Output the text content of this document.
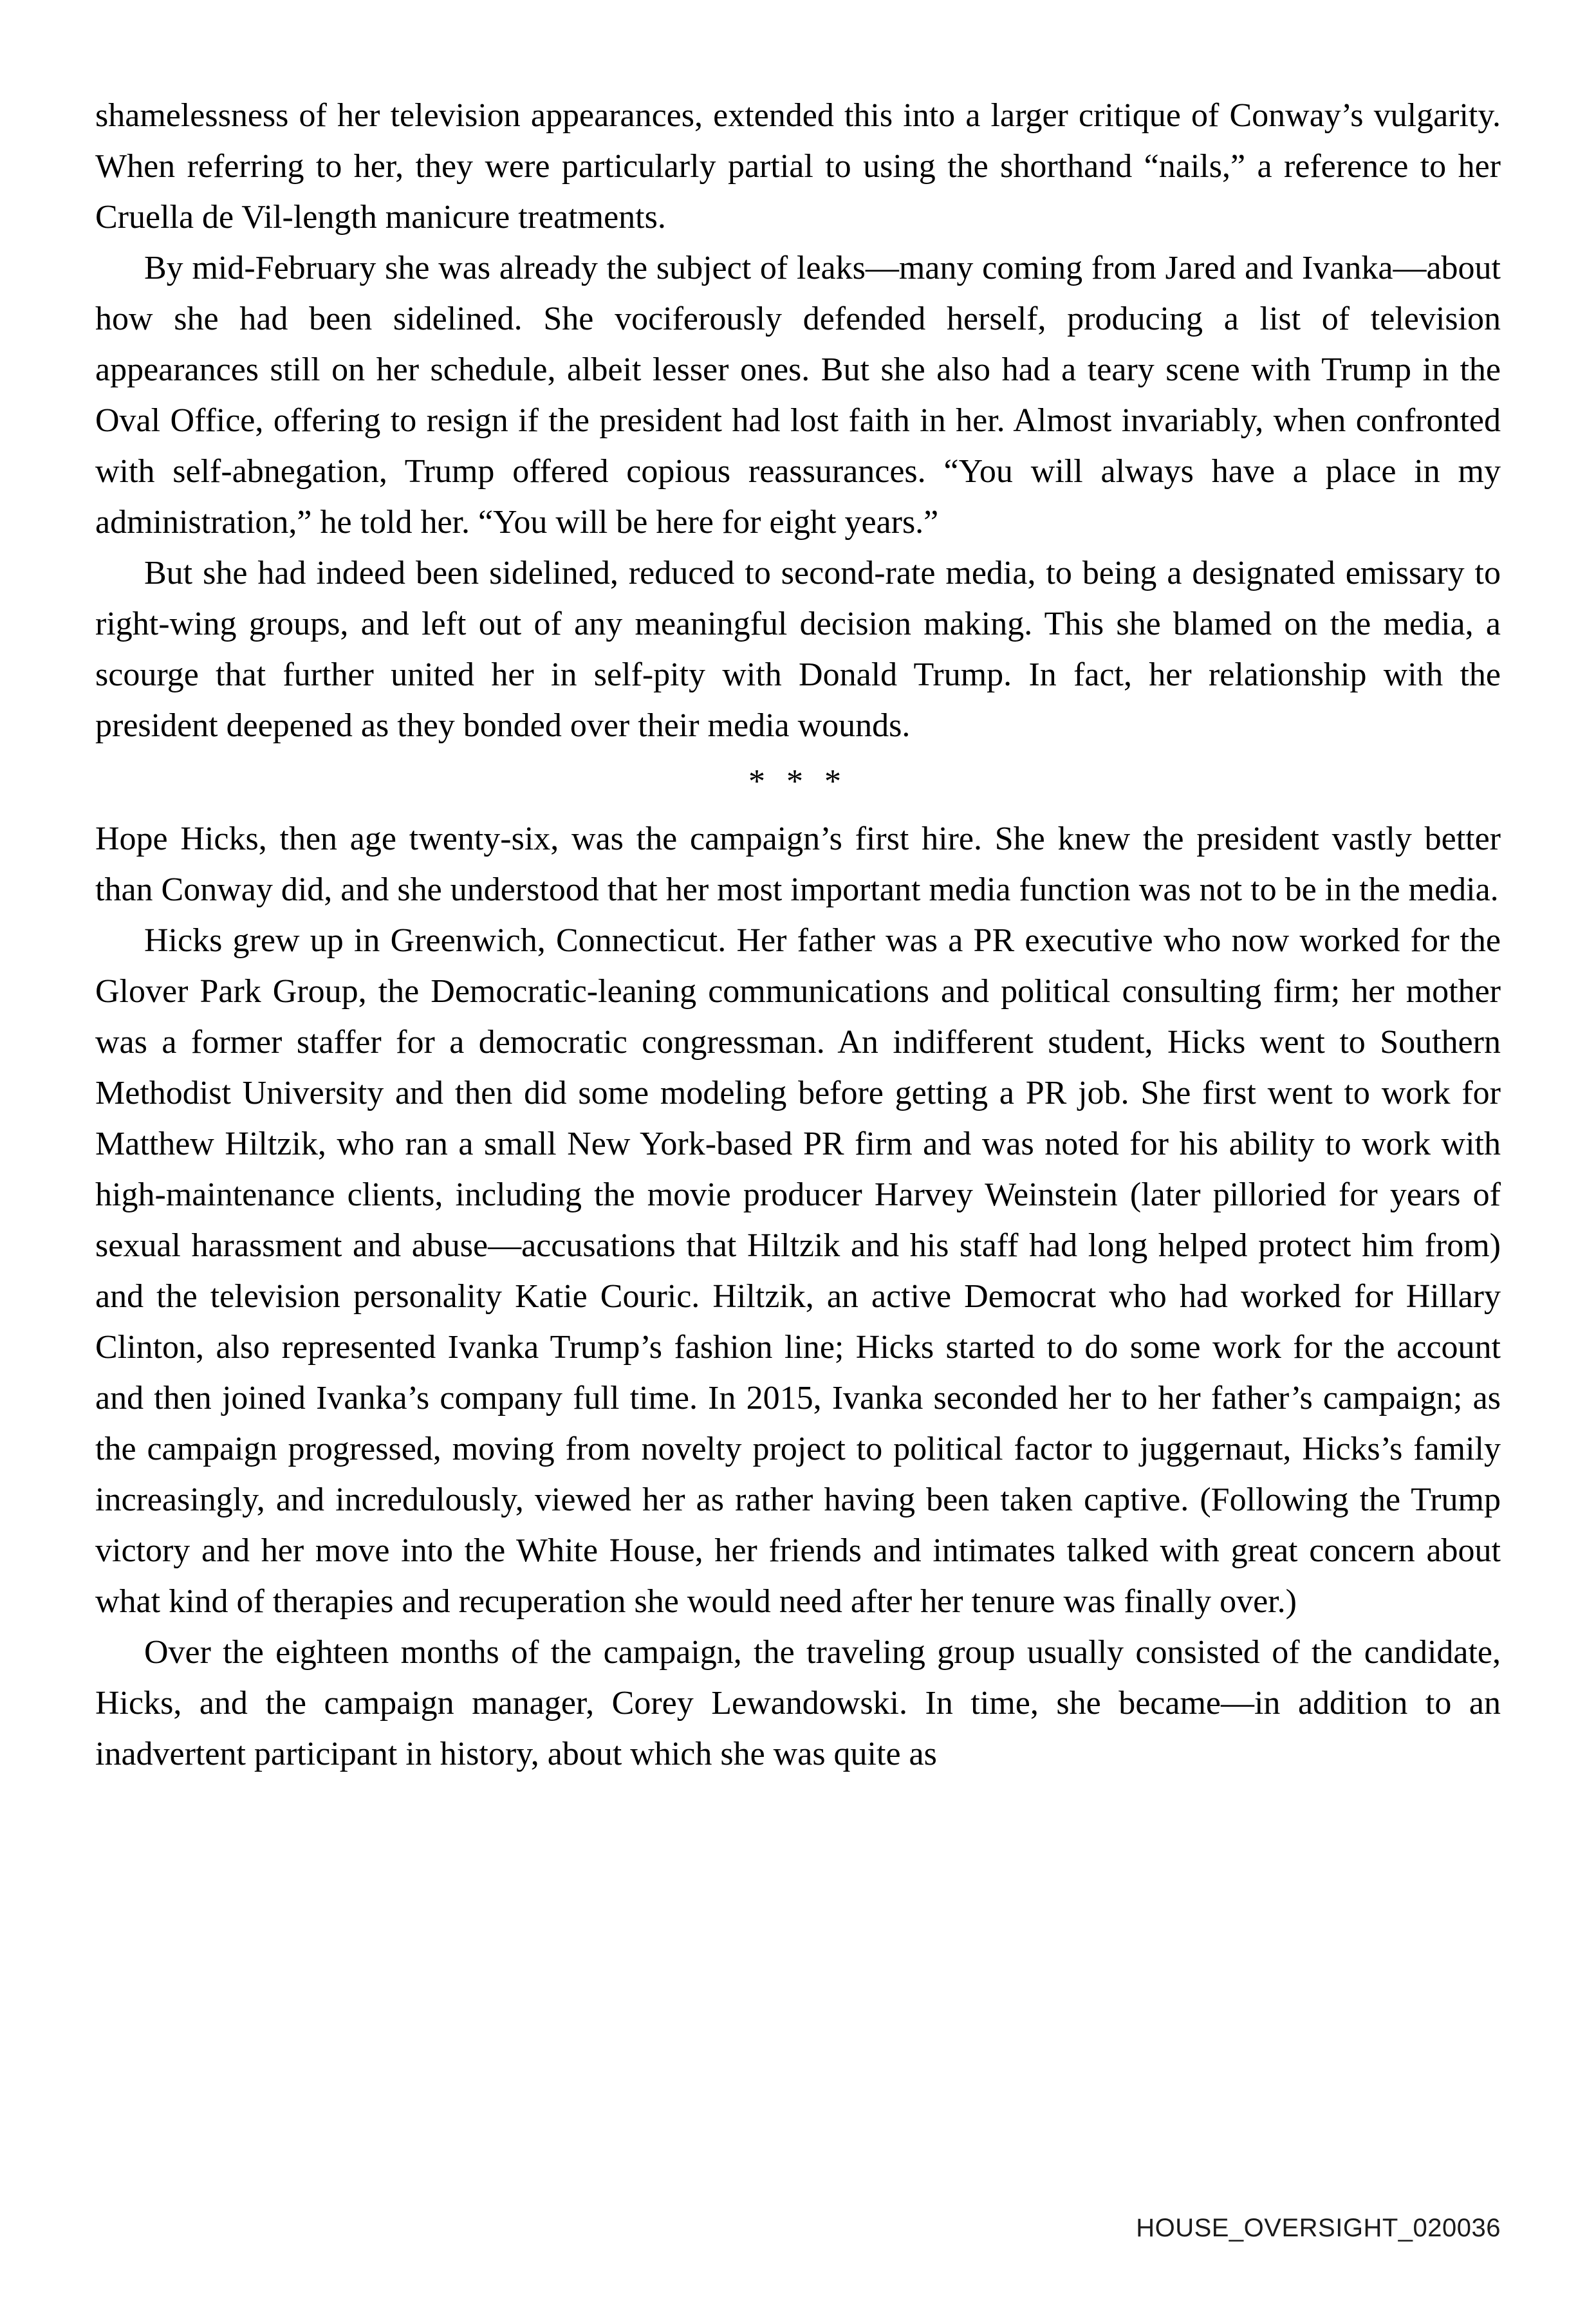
shamelessness of her television appearances, extended this into a larger critique of Conway’s vulgarity. When referring to her, they were particularly partial to using the shorthand “nails,” a reference to her Cruella de Vil-length manicure treatments.

By mid-February she was already the subject of leaks—many coming from Jared and Ivanka—about how she had been sidelined. She vociferously defended herself, producing a list of television appearances still on her schedule, albeit lesser ones. But she also had a teary scene with Trump in the Oval Office, offering to resign if the president had lost faith in her. Almost invariably, when confronted with self-abnegation, Trump offered copious reassurances. “You will always have a place in my administration,” he told her. “You will be here for eight years.”

But she had indeed been sidelined, reduced to second-rate media, to being a designated emissary to right-wing groups, and left out of any meaningful decision making. This she blamed on the media, a scourge that further united her in self-pity with Donald Trump. In fact, her relationship with the president deepened as they bonded over their media wounds.

* * *

Hope Hicks, then age twenty-six, was the campaign’s first hire. She knew the president vastly better than Conway did, and she understood that her most important media function was not to be in the media.

Hicks grew up in Greenwich, Connecticut. Her father was a PR executive who now worked for the Glover Park Group, the Democratic-leaning communications and political consulting firm; her mother was a former staffer for a democratic congressman. An indifferent student, Hicks went to Southern Methodist University and then did some modeling before getting a PR job. She first went to work for Matthew Hiltzik, who ran a small New York-based PR firm and was noted for his ability to work with high-maintenance clients, including the movie producer Harvey Weinstein (later pilloried for years of sexual harassment and abuse—accusations that Hiltzik and his staff had long helped protect him from) and the television personality Katie Couric. Hiltzik, an active Democrat who had worked for Hillary Clinton, also represented Ivanka Trump’s fashion line; Hicks started to do some work for the account and then joined Ivanka’s company full time. In 2015, Ivanka seconded her to her father’s campaign; as the campaign progressed, moving from novelty project to political factor to juggernaut, Hicks’s family increasingly, and incredulously, viewed her as rather having been taken captive. (Following the Trump victory and her move into the White House, her friends and intimates talked with great concern about what kind of therapies and recuperation she would need after her tenure was finally over.)

Over the eighteen months of the campaign, the traveling group usually consisted of the candidate, Hicks, and the campaign manager, Corey Lewandowski. In time, she became—in addition to an inadvertent participant in history, about which she was quite as

HOUSE_OVERSIGHT_020036
